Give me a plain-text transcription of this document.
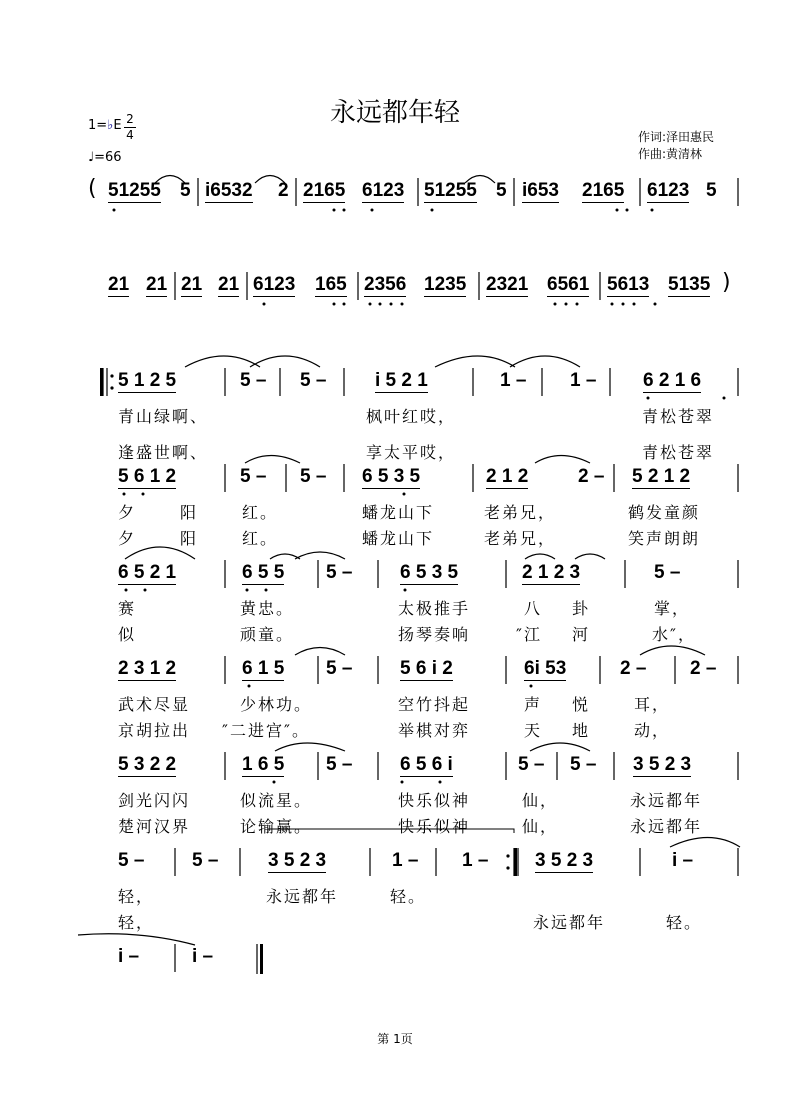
永远都年轻
1=♭E $\frac{2}{4}$
♩=66
作词:泽田惠民
作曲:黄清林
(
)
51255 5 i6532 2 2165 6123 51255 5 i653 2165 6123 5
21 21 21 21 6123 165 2356 1235 2321 6561 5613 5135
5 1 2 5	5 – 5 –	i 5 2 1	1 – 1 – 6 2 1 6
青山绿啊、	枫叶红哎，	青松苍翠
逢盛世啊、	享太平哎，	青松苍翠
5 6 1 2	5 – 5 – 6 5 3 5	2 1 2	2 – 5 2 1 2
夕	阳	红。	蟠龙山下	老弟兄，	鹤发童颜
夕	阳	红。	蟠龙山下	老弟兄，	笑声朗朗
6 5 2 1	6 5 5 5 –	6 5 3 5	2 1 2 3	5 –
赛	黄忠。	太极推手	八 卦	掌，
似	顽童。	扬琴奏响	″江 河	水″，
2 3 1 2	6 1 5 5 –	5 6 i 2	6i 53	2 – 2 –
武术尽显	少林功。	空竹抖起	声 悦	耳，
京胡拉出 ″二进宫″。	举棋对弈	天 地	动，
5 3 2 2	1 6 5 5 –	6 5 6 i	5 – 5 – 3 5 2 3
剑光闪闪	似流星。	快乐似神	仙，	永远都年
楚河汉界	论输赢。	快乐似神	仙，	永远都年
5 –	5 –	3 5 2 3	1 – 1 – 3 5 2 3	i –
轻，	永远都年	轻。
轻，	永远都年	轻。
i –	i –
第 1页
